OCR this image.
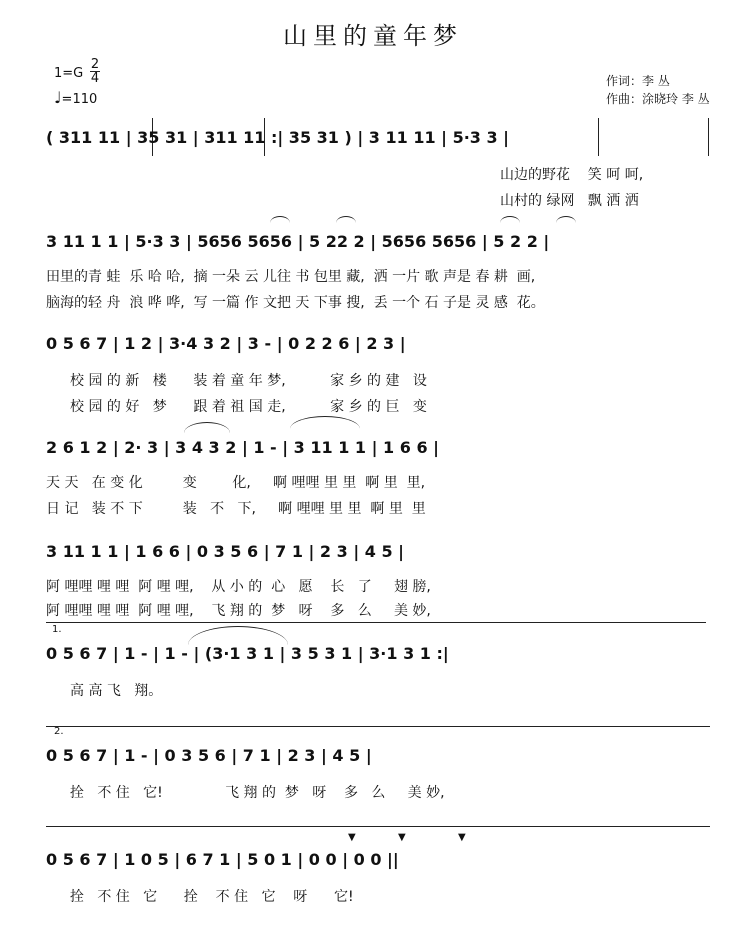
山里的童年梦
1=G
2
4
♩=110
作词：李 丛
作曲：涂晓玲 李 丛
( 311 11 | 35 31 | 311 11 :| 35 31 ) | 3 11 11 | 5·3 3 |
山边的野花    笑 呵 呵,
山村的 绿网   飘 洒 洒
3 11 1 1 | 5·3 3 | 5656 5656 | 5 22 2 | 5656 5656 | 5 2 2 |
田里的青 蛙  乐 哈 哈,  摘 一朵 云 儿往 书 包里 藏,  洒 一片 歌 声是 春 耕  画,
脑海的轻 舟  浪 哗 哗,  写 一篇 作 文把 天 下事 搜,  丢 一个 石 子是 灵 感  花。
0 5 6 7 | 1 2 | 3·4 3 2 | 3 - | 0 2 2 6 | 2 3 |
校 园 的 新   楼      装 着 童 年 梦,          家 乡 的 建   设
校 园 的 好   梦      跟 着 祖 国 走,          家 乡 的 巨   变
2 6 1 2 | 2· 3 | 3 4 3 2 | 1 - | 3 11 1 1 | 1 6 6 |
天 天   在 变 化         变        化,     啊 哩哩 里 里  啊 里  里,
日 记   装 不 下         装   不   下,     啊 哩哩 里 里  啊 里  里
3 11 1 1 | 1 6 6 | 0 3 5 6 | 7 1 | 2 3 | 4 5 |
阿 哩哩 哩 哩  阿 哩 哩,    从 小 的  心   愿    长   了     翅 膀,
阿 哩哩 哩 哩  阿 哩 哩,    飞 翔 的  梦   呀    多   么     美 妙,
1.
0 5 6 7 | 1 - | 1 - | (3·1 3 1 | 3 5 3 1 | 3·1 3 1 :|
高 高 飞   翔。
2.
0 5 6 7 | 1 - | 0 3 5 6 | 7 1 | 2 3 | 4 5 |
拴   不 住   它!              飞 翔 的  梦   呀    多   么     美 妙,
▼	▼	▼
0 5 6 7 | 1 0 5 | 6 7 1 | 5 0 1 | 0 0 | 0 0 ||
拴   不 住   它      拴    不 住   它    呀      它!
